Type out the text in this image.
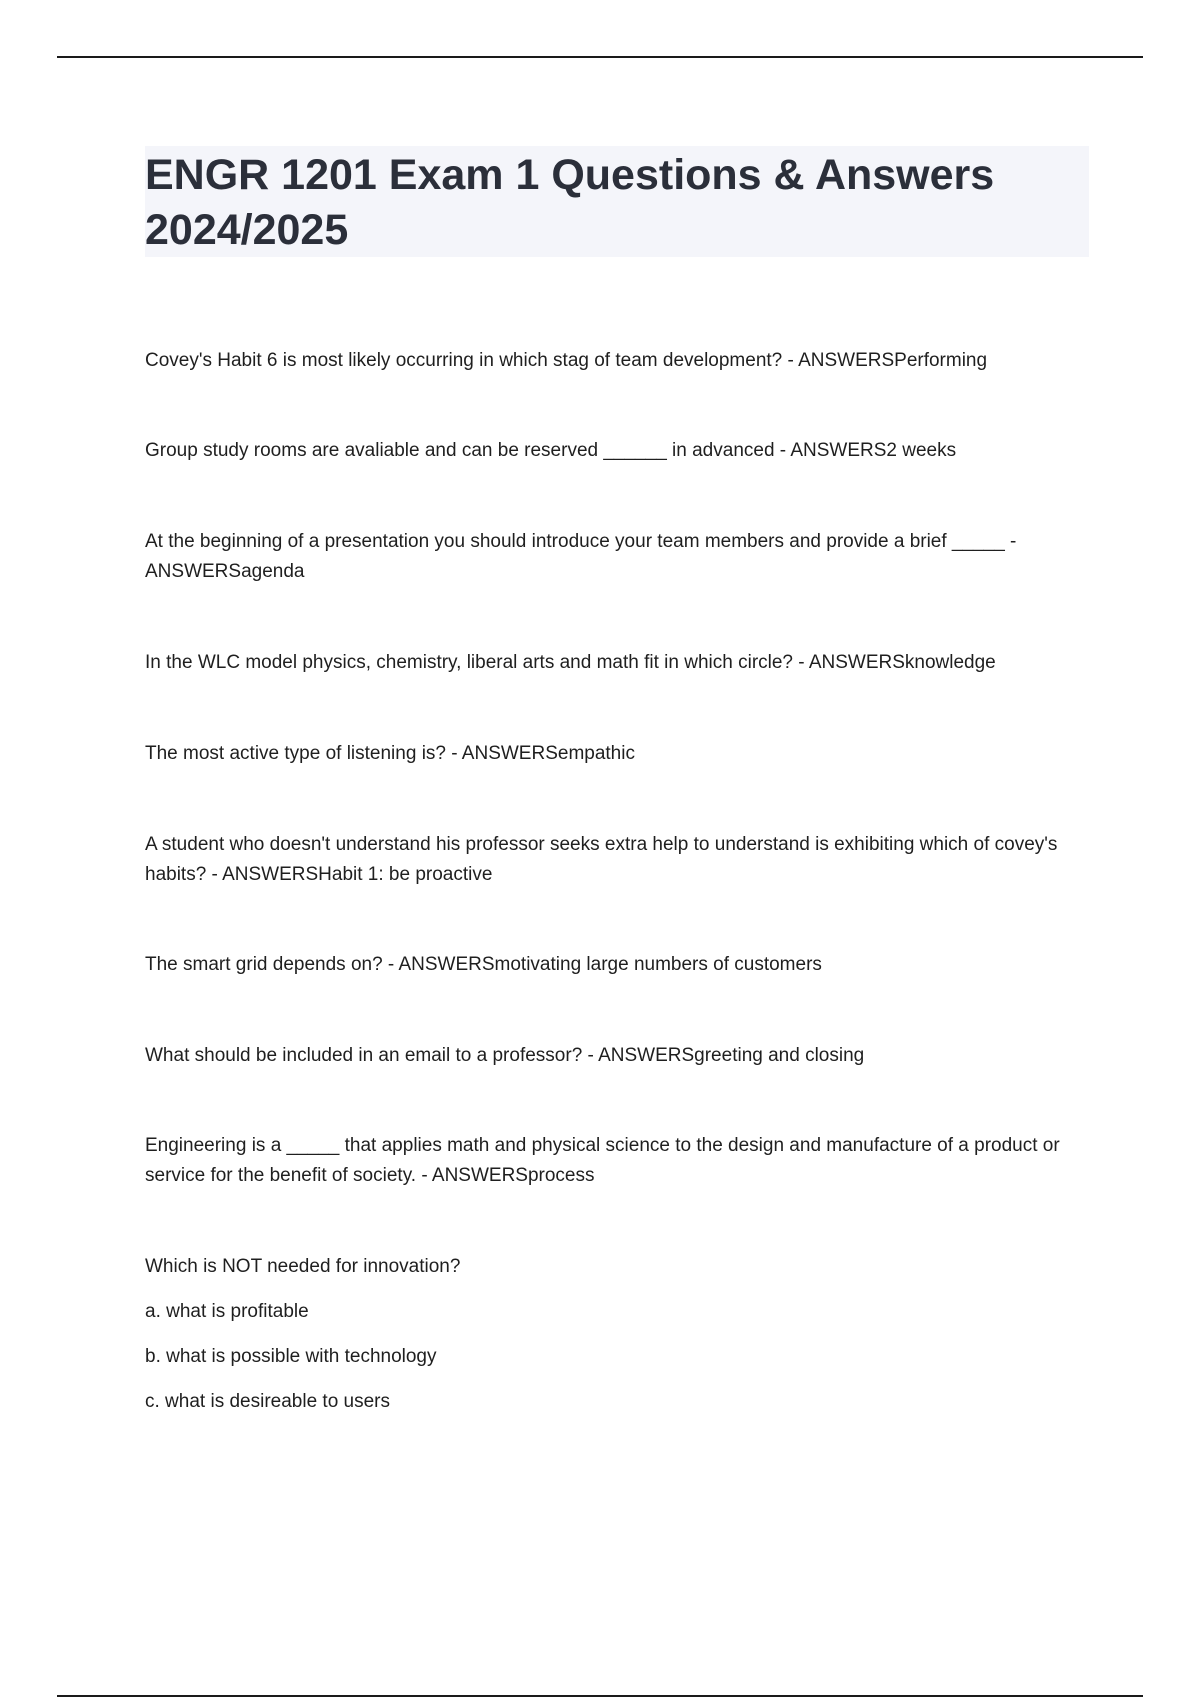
ENGR 1201 Exam 1 Questions & Answers 2024/2025

Covey's Habit 6 is most likely occurring in which stag of team development? - ANSWERSPerforming

Group study rooms are avaliable and can be reserved ______ in advanced - ANSWERS2 weeks

At the beginning of a presentation you should introduce your team members and provide a brief _____ - ANSWERSagenda

In the WLC model physics, chemistry, liberal arts and math fit in which circle? - ANSWERSknowledge

The most active type of listening is? - ANSWERSempathic

A student who doesn't understand his professor seeks extra help to understand is exhibiting which of covey's habits? - ANSWERSHabit 1: be proactive

The smart grid depends on? - ANSWERSmotivating large numbers of customers

What should be included in an email to a professor? - ANSWERSgreeting and closing

Engineering is a _____ that applies math and physical science to the design and manufacture of a product or service for the benefit of society. - ANSWERSprocess

Which is NOT needed for innovation?

a. what is profitable

b. what is possible with technology

c. what is desireable to users
